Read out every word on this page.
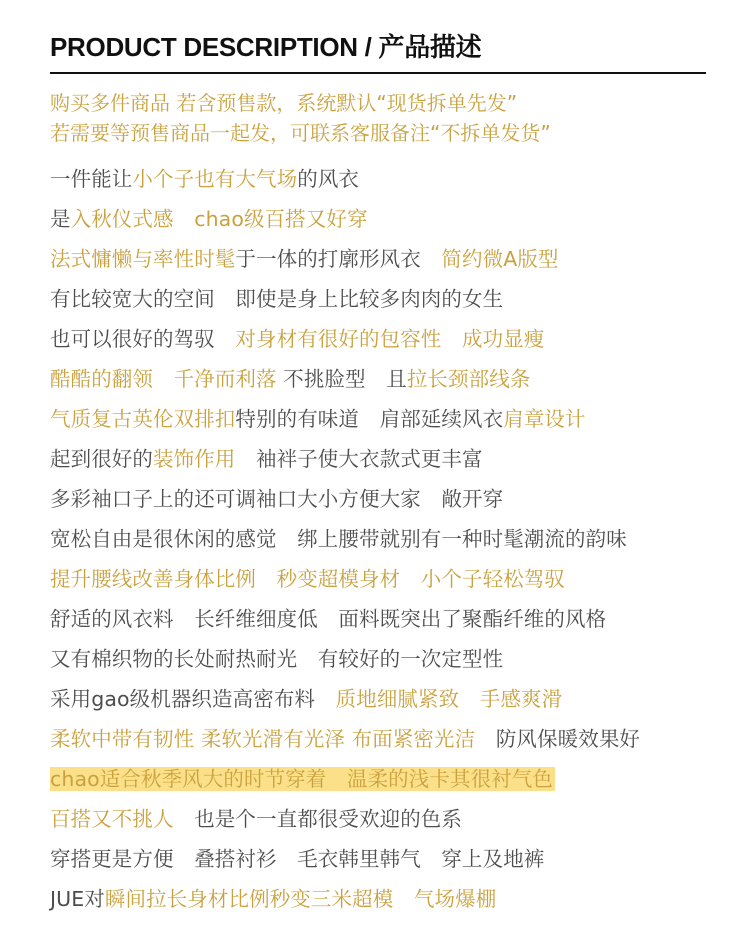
PRODUCT DESCRIPTION / 产品描述
购买多件商品 若含预售款，系统默认“现货拆单先发”
若需要等预售商品一起发，可联系客服备注“不拆单发货”
一件能让小个子也有大气场的风衣
是入秋仪式感　chao级百搭又好穿
法式慵懒与率性时髦于一体的打廓形风衣　简约微A版型
有比较宽大的空间　即使是身上比较多肉肉的女生
也可以很好的驾驭　对身材有很好的包容性　成功显瘦
酷酷的翻领　千净而利落 不挑脸型　且拉长颈部线条
气质复古英伦双排扣特别的有味道　肩部延续风衣肩章设计
起到很好的装饰作用　袖袢子使大衣款式更丰富
多彩袖口子上的还可调袖口大小方便大家　敞开穿
宽松自由是很休闲的感觉　绑上腰带就别有一种时髦潮流的韵味
提升腰线改善身体比例　秒变超模身材　小个子轻松驾驭
舒适的风衣料　长纤维细度低　面料既突出了聚酯纤维的风格
又有棉织物的长处耐热耐光　有较好的一次定型性
采用gao级机器织造高密布料　质地细腻紧致　手感爽滑
柔软中带有韧性 柔软光滑有光泽 布面紧密光洁　防风保暖效果好
chao适合秋季风大的时节穿着　温柔的浅卡其很衬气色
百搭又不挑人　也是个一直都很受欢迎的色系
穿搭更是方便　叠搭衬衫　毛衣韩里韩气　穿上及地裤
JUE对瞬间拉长身材比例秒变三米超模　气场爆棚
